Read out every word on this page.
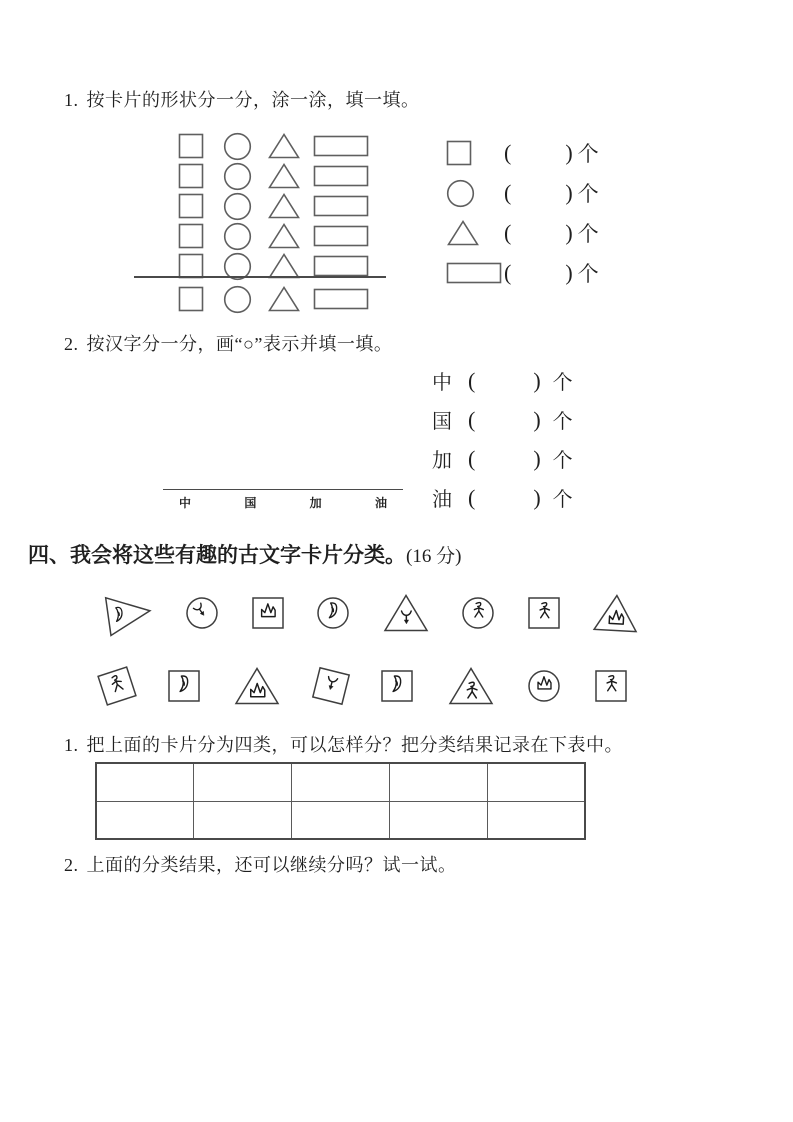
1. 按卡片的形状分一分，涂一涂，填一填。
( ) 个
( ) 个
( ) 个
( ) 个
2. 按汉字分一分，画“○”表示并填一填。
中 (	) 个
国 (	) 个
加 (	) 个
油 (	) 个
中	国	加	油
四、我会将这些有趣的古文字卡片分类。(16 分)
1. 把上面的卡片分为四类，可以怎样分？把分类结果记录在下表中。

2. 上面的分类结果，还可以继续分吗？试一试。
